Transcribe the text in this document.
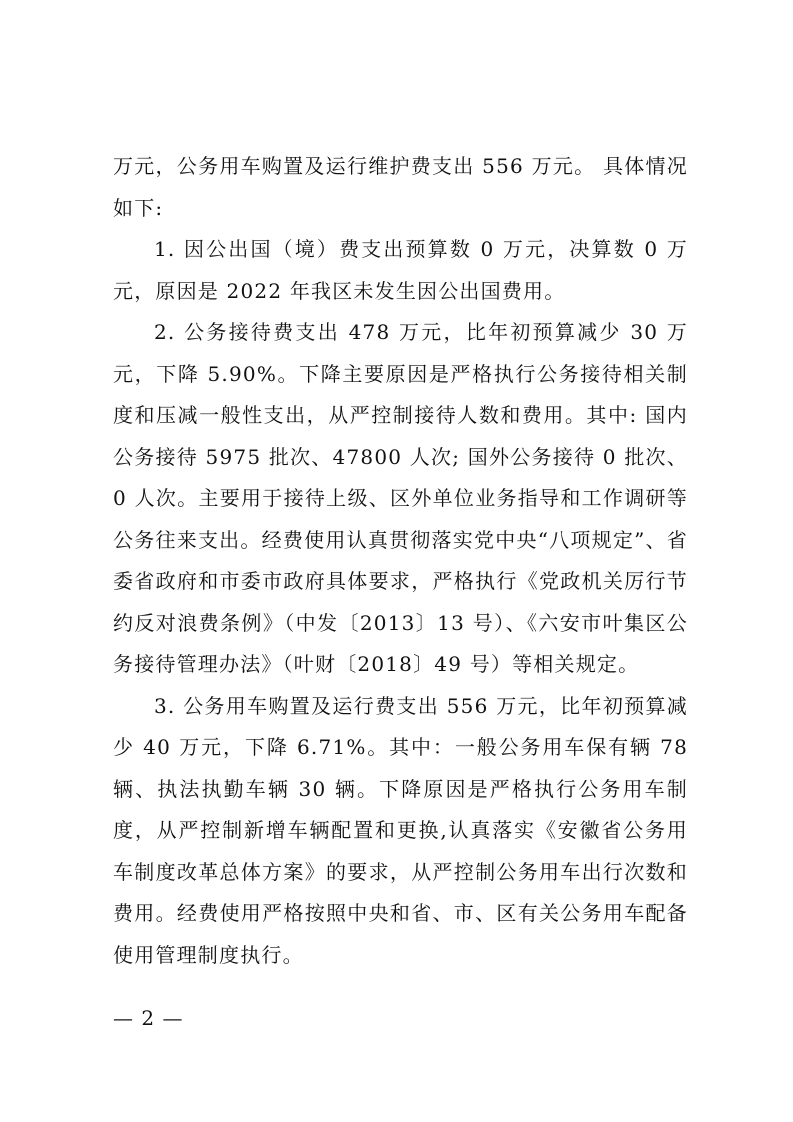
万元，公务用车购置及运行维护费支出 556 万元。 具体情况如下:

1. 因公出国（境）费支出预算数 0 万元，决算数 0 万元，原因是 2022 年我区未发生因公出国费用。

2. 公务接待费支出 478 万元，比年初预算减少 30 万元，下降 5.90%。下降主要原因是严格执行公务接待相关制度和压减一般性支出，从严控制接待人数和费用。其中: 国内公务接待 5975 批次、47800 人次; 国外公务接待 0 批次、0 人次。主要用于接待上级、区外单位业务指导和工作调研等公务往来支出。经费使用认真贯彻落实党中央“八项规定”、省委省政府和市委市政府具体要求，严格执行《党政机关厉行节约反对浪费条例》（中发〔2013〕13 号）、《六安市叶集区公务接待管理办法》（叶财〔2018〕49 号）等相关规定。

3. 公务用车购置及运行费支出 556 万元，比年初预算减少 40 万元，下降 6.71%。其中：一般公务用车保有辆 78 辆、执法执勤车辆 30 辆。下降原因是严格执行公务用车制度，从严控制新增车辆配置和更换,认真落实《安徽省公务用车制度改革总体方案》的要求，从严控制公务用车出行次数和费用。经费使用严格按照中央和省、市、区有关公务用车配备使用管理制度执行。

— 2 —
